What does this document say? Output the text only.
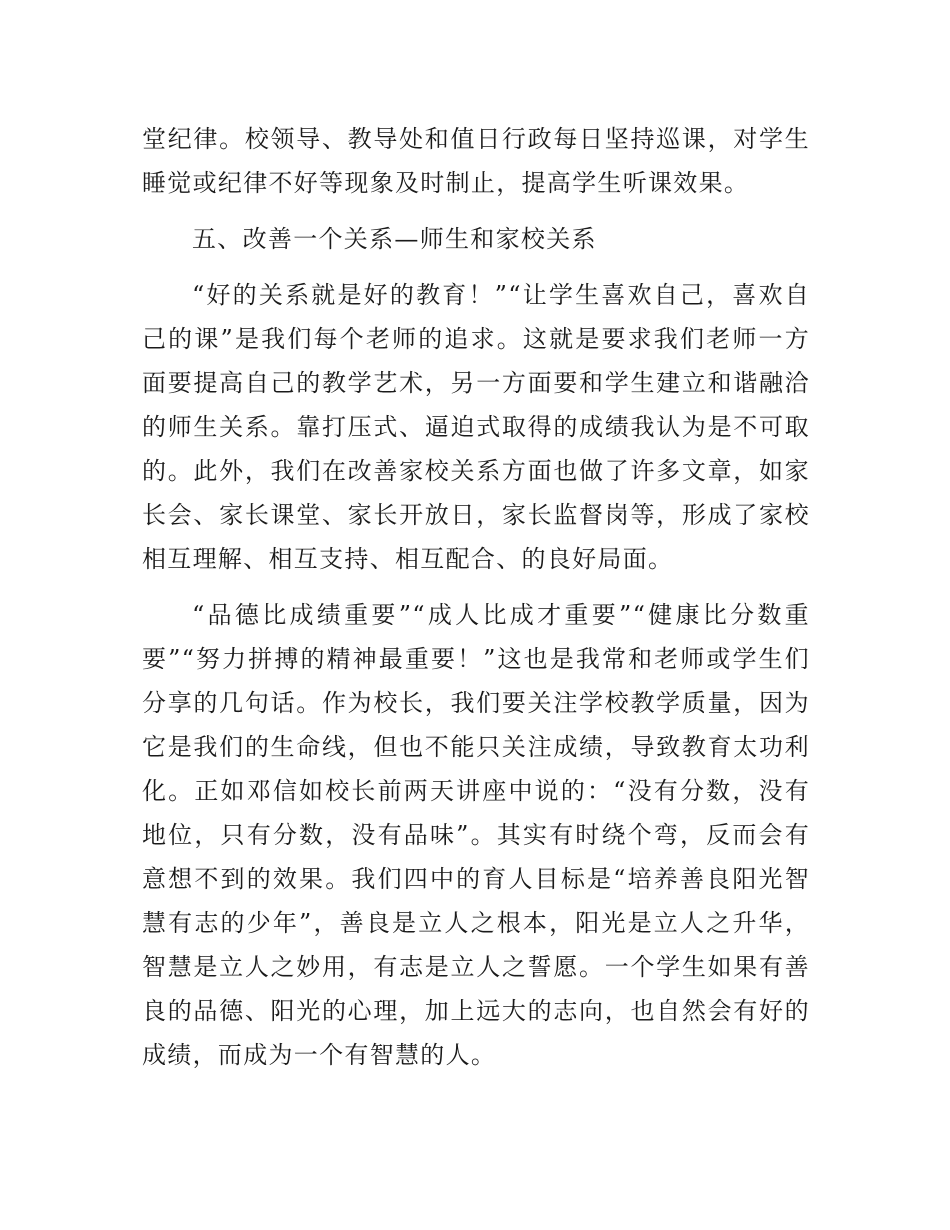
堂纪律。校领导、教导处和值日行政每日坚持巡课，对学生睡觉或纪律不好等现象及时制止，提高学生听课效果。

五、改善一个关系—师生和家校关系

“好的关系就是好的教育！”“让学生喜欢自己，喜欢自己的课”是我们每个老师的追求。这就是要求我们老师一方面要提高自己的教学艺术，另一方面要和学生建立和谐融洽的师生关系。靠打压式、逼迫式取得的成绩我认为是不可取的。此外，我们在改善家校关系方面也做了许多文章，如家长会、家长课堂、家长开放日，家长监督岗等，形成了家校相互理解、相互支持、相互配合、的良好局面。

“品德比成绩重要”“成人比成才重要”“健康比分数重要”“努力拼搏的精神最重要！”这也是我常和老师或学生们分享的几句话。作为校长，我们要关注学校教学质量，因为它是我们的生命线，但也不能只关注成绩，导致教育太功利化。正如邓信如校长前两天讲座中说的：“没有分数，没有地位，只有分数，没有品味”。其实有时绕个弯，反而会有意想不到的效果。我们四中的育人目标是“培养善良阳光智慧有志的少年”，善良是立人之根本，阳光是立人之升华，智慧是立人之妙用，有志是立人之誓愿。一个学生如果有善良的品德、阳光的心理，加上远大的志向，也自然会有好的成绩，而成为一个有智慧的人。
